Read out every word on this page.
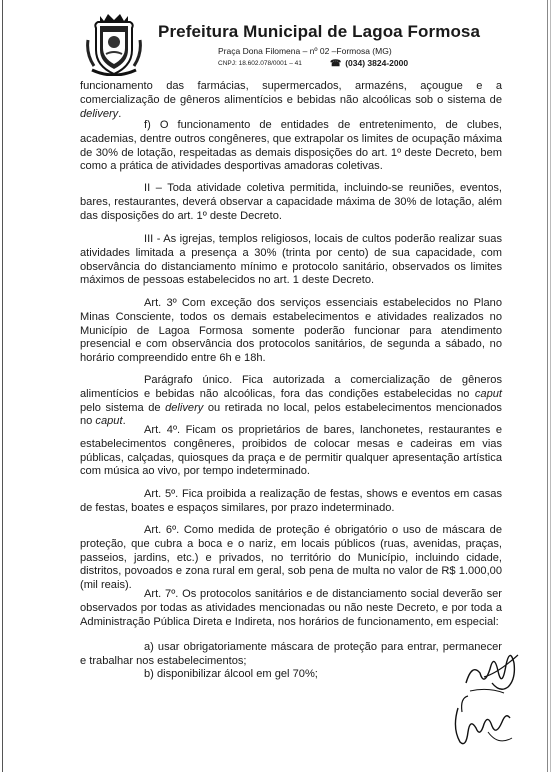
Prefeitura Municipal de Lagoa Formosa
Praça Dona Filomena – nº 02 –Formosa (MG)
CNPJ: 18.602.078/0001 – 41	☎ (034) 3824-2000

funcionamento das farmácias, supermercados, armazéns, açougue e a comercialização de gêneros alimentícios e bebidas não alcoólicas sob o sistema de delivery.

f) O funcionamento de entidades de entretenimento, de clubes, academias, dentre outros congêneres, que extrapolar os limites de ocupação máxima de 30% de lotação, respeitadas as demais disposições do art. 1º deste Decreto, bem como a prática de atividades desportivas amadoras coletivas.

II – Toda atividade coletiva permitida, incluindo-se reuniões, eventos, bares, restaurantes, deverá observar a capacidade máxima de 30% de lotação, além das disposições do art. 1º deste Decreto.

III - As igrejas, templos religiosos, locais de cultos poderão realizar suas atividades limitada a presença a 30% (trinta por cento) de sua capacidade, com observância do distanciamento mínimo e protocolo sanitário, observados os limites máximos de pessoas estabelecidos no art. 1 deste Decreto.

Art. 3º Com exceção dos serviços essenciais estabelecidos no Plano Minas Consciente, todos os demais estabelecimentos e atividades realizados no Município de Lagoa Formosa somente poderão funcionar para atendimento presencial e com observância dos protocolos sanitários, de segunda a sábado, no horário compreendido entre 6h e 18h.

Parágrafo único. Fica autorizada a comercialização de gêneros alimentícios e bebidas não alcoólicas, fora das condições estabelecidas no caput pelo sistema de delivery ou retirada no local, pelos estabelecimentos mencionados no caput.

Art. 4º. Ficam os proprietários de bares, lanchonetes, restaurantes e estabelecimentos congêneres, proibidos de colocar mesas e cadeiras em vias públicas, calçadas, quiosques da praça e de permitir qualquer apresentação artística com música ao vivo, por tempo indeterminado.

Art. 5º. Fica proibida a realização de festas, shows e eventos em casas de festas, boates e espaços similares, por prazo indeterminado.

Art. 6º. Como medida de proteção é obrigatório o uso de máscara de proteção, que cubra a boca e o nariz, em locais públicos (ruas, avenidas, praças, passeios, jardins, etc.) e privados, no território do Município, incluindo cidade, distritos, povoados e zona rural em geral, sob pena de multa no valor de R$ 1.000,00 (mil reais).

Art. 7º. Os protocolos sanitários e de distanciamento social deverão ser observados por todas as atividades mencionadas ou não neste Decreto, e por toda a Administração Pública Direta e Indireta, nos horários de funcionamento, em especial:

a) usar obrigatoriamente máscara de proteção para entrar, permanecer e trabalhar nos estabelecimentos;

b) disponibilizar álcool em gel 70%;
